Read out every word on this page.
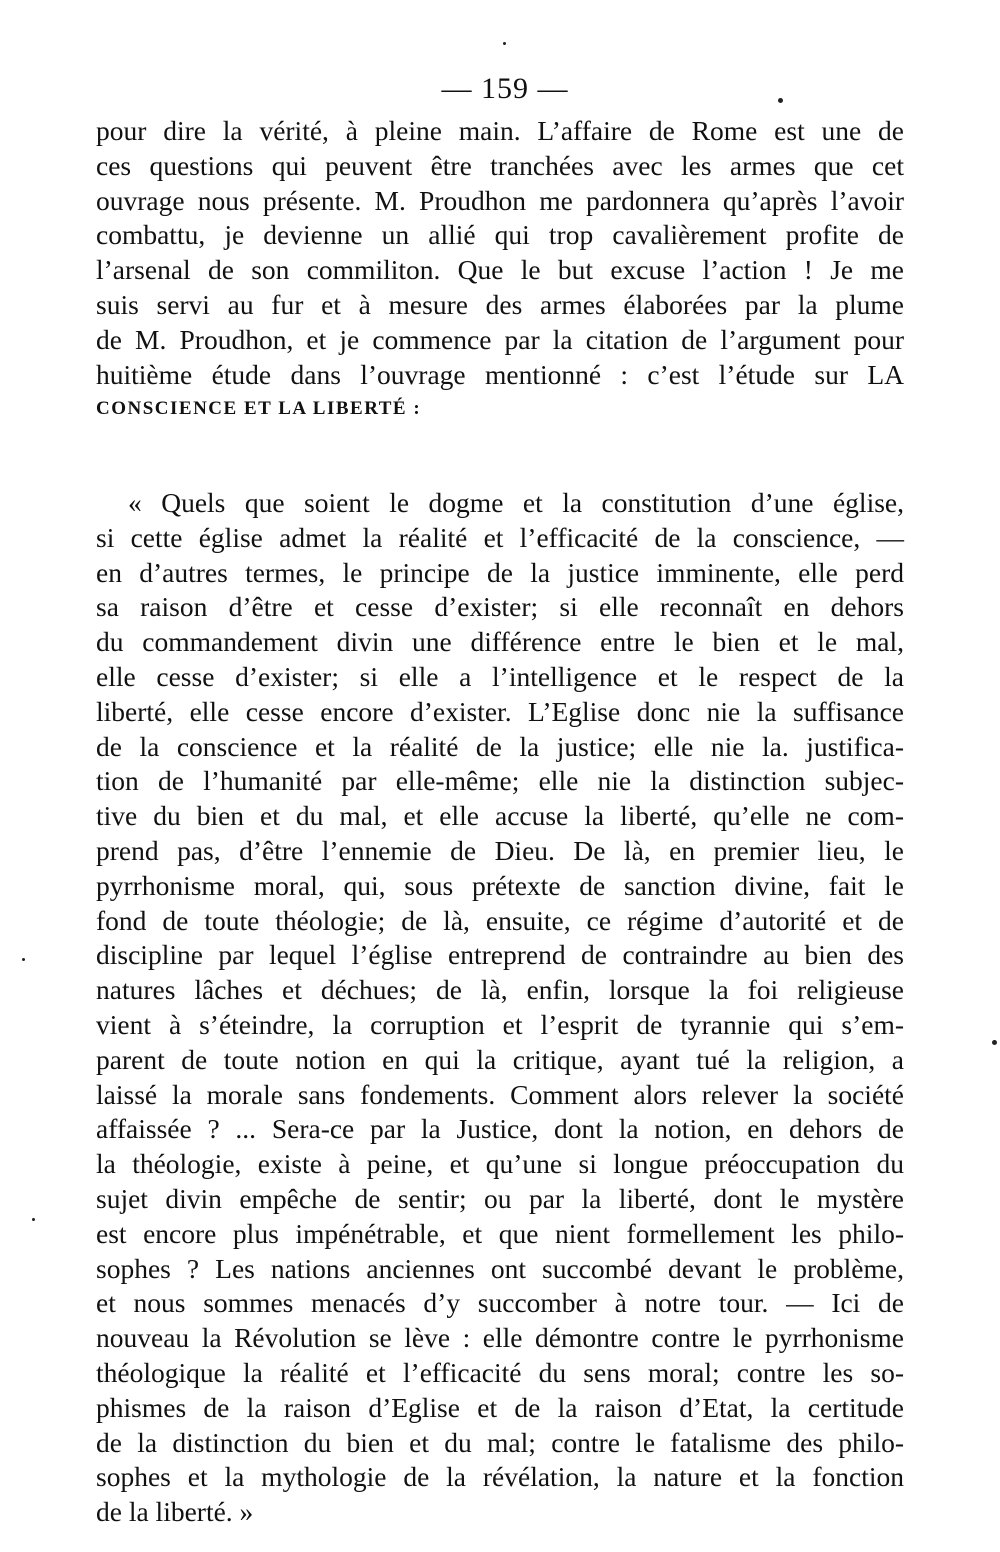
— 159 —
pour dire la vérité, à pleine main. L’affaire de Rome est une de
ces questions qui peuvent être tranchées avec les armes que cet
ouvrage nous présente. M. Proudhon me pardonnera qu’après l’avoir
combattu, je devienne un allié qui trop cavalièrement profite de
l’arsenal de son commiliton. Que le but excuse l’action ! Je me
suis servi au fur et à mesure des armes élaborées par la plume
de M. Proudhon, et je commence par la citation de l’argument pour
huitième étude dans l’ouvrage mentionné : c’est l’étude sur LA
CONSCIENCE ET LA LIBERTÉ :
« Quels que soient le dogme et la constitution d’une église,
si cette église admet la réalité et l’efficacité de la conscience, —
en d’autres termes, le principe de la justice imminente, elle perd
sa raison d’être et cesse d’exister; si elle reconnaît en dehors
du commandement divin une différence entre le bien et le mal,
elle cesse d’exister; si elle a l’intelligence et le respect de la
liberté, elle cesse encore d’exister. L’Eglise donc nie la suffisance
de la conscience et la réalité de la justice; elle nie la. justifica-
tion de l’humanité par elle-même; elle nie la distinction subjec-
tive du bien et du mal, et elle accuse la liberté, qu’elle ne com-
prend pas, d’être l’ennemie de Dieu. De là, en premier lieu, le
pyrrhonisme moral, qui, sous prétexte de sanction divine, fait le
fond de toute théologie; de là, ensuite, ce régime d’autorité et de
discipline par lequel l’église entreprend de contraindre au bien des
natures lâches et déchues; de là, enfin, lorsque la foi religieuse
vient à s’éteindre, la corruption et l’esprit de tyrannie qui s’em-
parent de toute notion en qui la critique, ayant tué la religion, a
laissé la morale sans fondements. Comment alors relever la société
affaissée ? ... Sera-ce par la Justice, dont la notion, en dehors de
la théologie, existe à peine, et qu’une si longue préoccupation du
sujet divin empêche de sentir; ou par la liberté, dont le mystère
est encore plus impénétrable, et que nient formellement les philo-
sophes ? Les nations anciennes ont succombé devant le problème,
et nous sommes menacés d’y succomber à notre tour. — Ici de
nouveau la Révolution se lève : elle démontre contre le pyrrhonisme
théologique la réalité et l’efficacité du sens moral; contre les so-
phismes de la raison d’Eglise et de la raison d’Etat, la certitude
de la distinction du bien et du mal; contre le fatalisme des philo-
sophes et la mythologie de la révélation, la nature et la fonction
de la liberté. »
